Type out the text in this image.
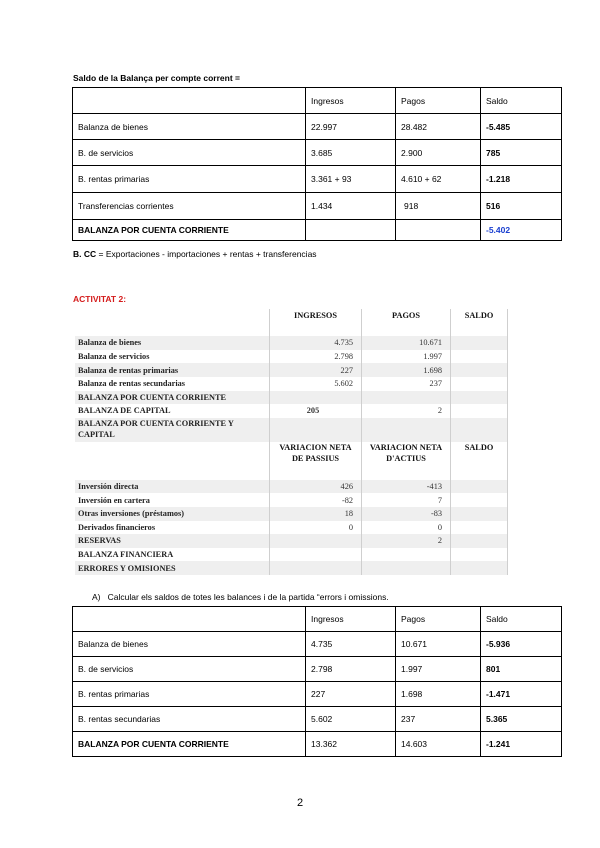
Saldo de la Balança per compte corrent =
	Ingresos	Pagos	Saldo
Balanza de bienes	22.997	28.482	-5.485
B. de servicios	3.685	2.900	785
B. rentas primarias	3.361 + 93	4.610 + 62	-1.218
Transferencias corrientes	1.434	918	516
BALANZA POR CUENTA CORRIENTE			-5.402
B. CC = Exportaciones - importaciones + rentas + transferencias
ACTIVITAT 2:
	INGRESOS	PAGOS	SALDO

Balanza de bienes	4.735	10.671	
Balanza de servicios	2.798	1.997	
Balanza de rentas primarias	227	1.698	
Balanza de rentas secundarias	5.602	237	
BALANZA POR CUENTA CORRIENTE			
BALANZA DE CAPITAL	205	2	
BALANZA POR CUENTA CORRIENTE Y CAPITAL			
	VARIACION NETA DE PASSIUS	VARIACION NETA D'ACTIUS	SALDO
Inversión directa	426	-413	
Inversión en cartera	-82	7	
Otras inversiones (préstamos)	18	-83	
Derivados financieros	0	0	
RESERVAS		2	
BALANZA FINANCIERA			
ERRORES Y OMISIONES			
A) Calcular els saldos de totes les balances i de la partida “errors i omissions.
	Ingresos	Pagos	Saldo
Balanza de bienes	4.735	10.671	-5.936
B. de servicios	2.798	1.997	801
B. rentas primarias	227	1.698	-1.471
B. rentas secundarias	5.602	237	5.365
BALANZA POR CUENTA CORRIENTE	13.362	14.603	-1.241
2
